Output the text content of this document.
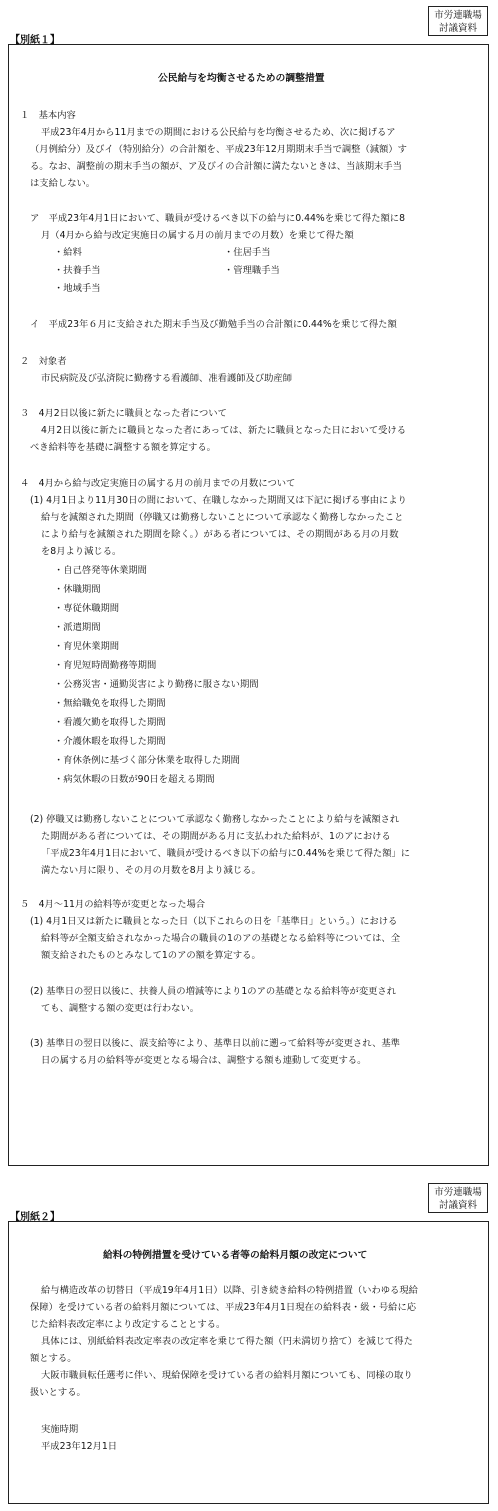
市労連職場
討議資料
【別紙１】
公民給与を均衡させるための調整措置
１　基本内容
平成23年4月から11月までの期間における公民給与を均衡させるため、次に掲げるア
（月例給分）及びイ（特別給分）の合計額を、平成23年12月期期末手当で調整（減額）す
る。なお、調整前の期末手当の額が、ア及びイの合計額に満たないときは、当該期末手当
は支給しない。
ア　平成23年4月1日において、職員が受けるべき以下の給与に0.44%を乗じて得た額に8
月（4月から給与改定実施日の属する月の前月までの月数）を乗じて得た額
・給料	・住居手当
・扶養手当	・管理職手当
・地域手当
イ　平成23年６月に支給された期末手当及び勤勉手当の合計額に0.44%を乗じて得た額
２　対象者
市民病院及び弘済院に勤務する看護師、准看護師及び助産師
３　4月2日以後に新たに職員となった者について
4月2日以後に新たに職員となった者にあっては、新たに職員となった日において受ける
べき給料等を基礎に調整する額を算定する。
４　4月から給与改定実施日の属する月の前月までの月数について
(1) 4月1日より11月30日の間において、在職しなかった期間又は下記に掲げる事由により
給与を減額された期間（停職又は勤務しないことについて承認なく勤務しなかったこと
により給与を減額された期間を除く。）がある者については、その期間がある月の月数
を8月より減じる。
・自己啓発等休業期間
・休職期間
・専従休職期間
・派遣期間
・育児休業期間
・育児短時間勤務等期間
・公務災害・通勤災害により勤務に服さない期間
・無給職免を取得した期間
・看護欠勤を取得した期間
・介護休暇を取得した期間
・育休条例に基づく部分休業を取得した期間
・病気休暇の日数が90日を超える期間
(2) 停職又は勤務しないことについて承認なく勤務しなかったことにより給与を減額され
た期間がある者については、その期間がある月に支払われた給料が、1のアにおける
「平成23年4月1日において、職員が受けるべき以下の給与に0.44%を乗じて得た額」に
満たない月に限り、その月の月数を8月より減じる。
５　4月～11月の給料等が変更となった場合
(1) 4月1日又は新たに職員となった日（以下これらの日を「基準日」という。）における
給料等が全額支給されなかった場合の職員の1のアの基礎となる給料等については、全
額支給されたものとみなして1のアの額を算定する。
(2) 基準日の翌日以後に、扶養人員の増減等により1のアの基礎となる給料等が変更され
ても、調整する額の変更は行わない。
(3) 基準日の翌日以後に、誤支給等により、基準日以前に遡って給料等が変更され、基準
日の属する月の給料等が変更となる場合は、調整する額も連動して変更する。
市労連職場
討議資料
【別紙２】
給料の特例措置を受けている者等の給料月額の改定について
給与構造改革の切替日（平成19年4月1日）以降、引き続き給料の特例措置（いわゆる現給
保障）を受けている者の給料月額については、平成23年4月1日現在の給料表・級・号給に応
じた給料表改定率により改定することとする。
具体には、別紙給料表改定率表の改定率を乗じて得た額（円未満切り捨て）を減じて得た
額とする。
大阪市職員転任選考に伴い、現給保障を受けている者の給料月額についても、同様の取り
扱いとする。
実施時期
平成23年12月1日
